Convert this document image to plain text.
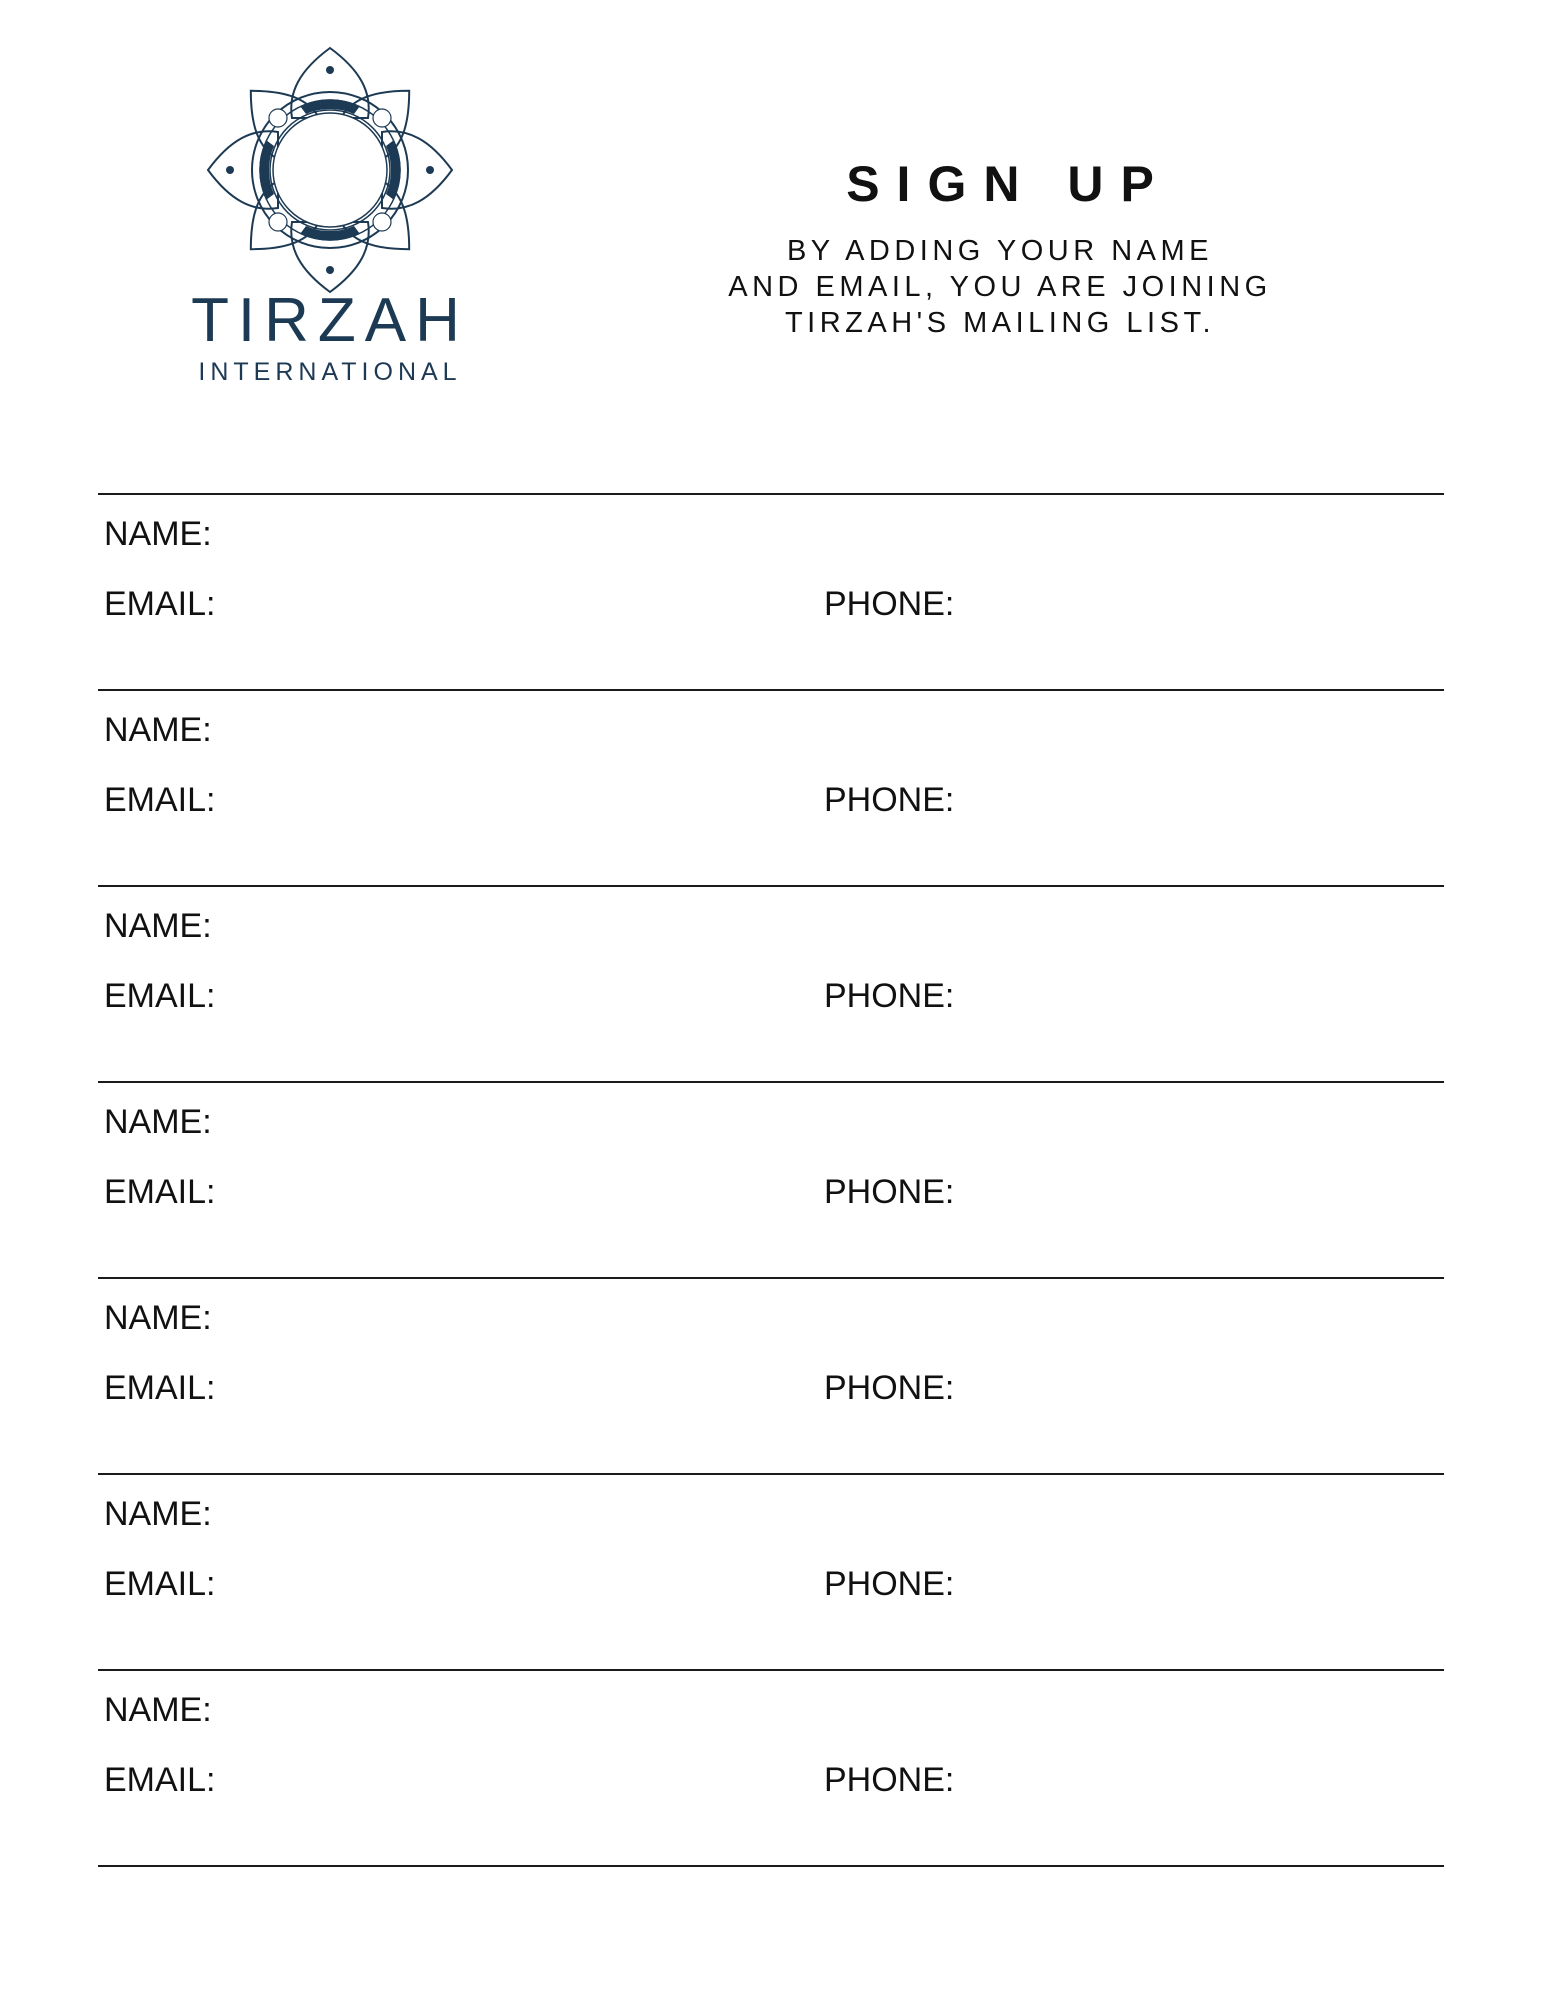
TIRZAH
INTERNATIONAL
SIGN UP
BY ADDING YOUR NAME
AND EMAIL, YOU ARE JOINING
TIRZAH'S MAILING LIST.
NAME:
EMAIL:	PHONE:
NAME:
EMAIL:	PHONE:
NAME:
EMAIL:	PHONE:
NAME:
EMAIL:	PHONE:
NAME:
EMAIL:	PHONE:
NAME:
EMAIL:	PHONE:
NAME:
EMAIL:	PHONE:
